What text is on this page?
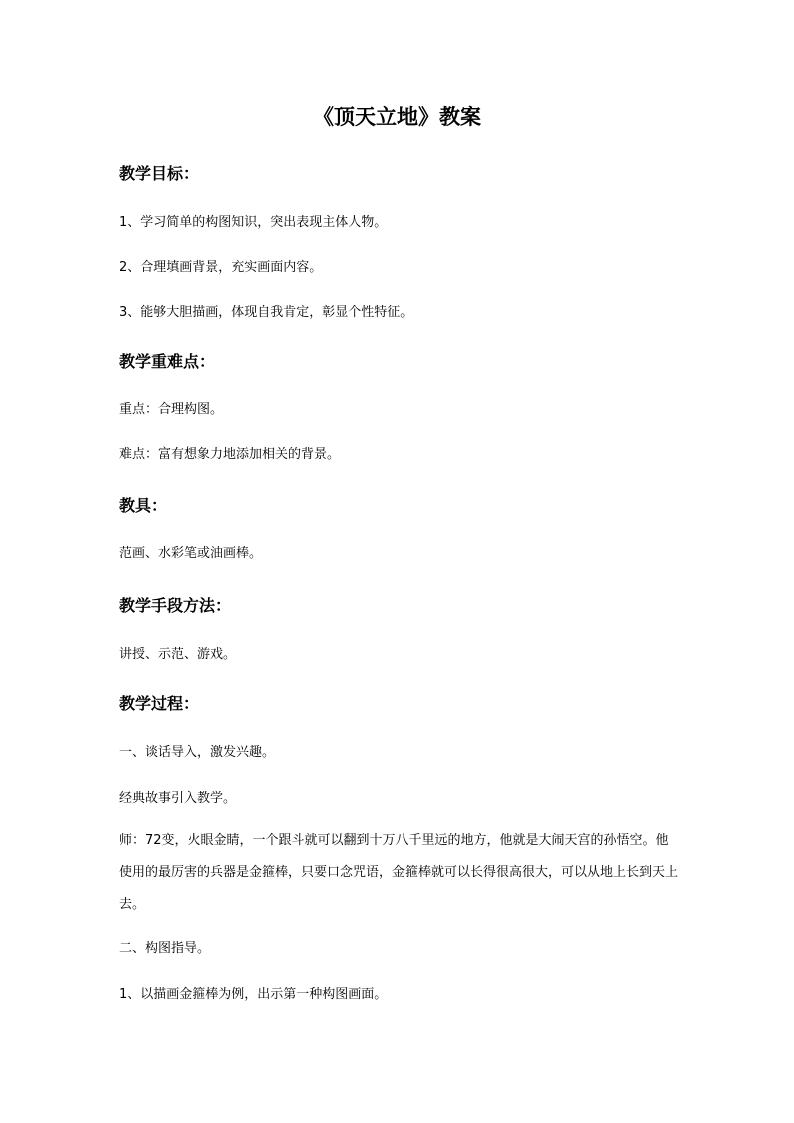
《顶天立地》教案
教学目标：

1、学习简单的构图知识，突出表现主体人物。

2、合理填画背景，充实画面内容。

3、能够大胆描画，体现自我肯定，彰显个性特征。

教学重难点：

重点：合理构图。

难点：富有想象力地添加相关的背景。

教具：

范画、水彩笔或油画棒。

教学手段方法：

讲授、示范、游戏。

教学过程：

一、谈话导入，激发兴趣。

经典故事引入教学。

师：72变，火眼金睛，一个跟斗就可以翻到十万八千里远的地方，他就是大闹天宫的孙悟空。他使用的最厉害的兵器是金箍棒，只要口念咒语，金箍棒就可以长得很高很大，可以从地上长到天上去。

二、构图指导。

1、以描画金箍棒为例，出示第一种构图画面。
